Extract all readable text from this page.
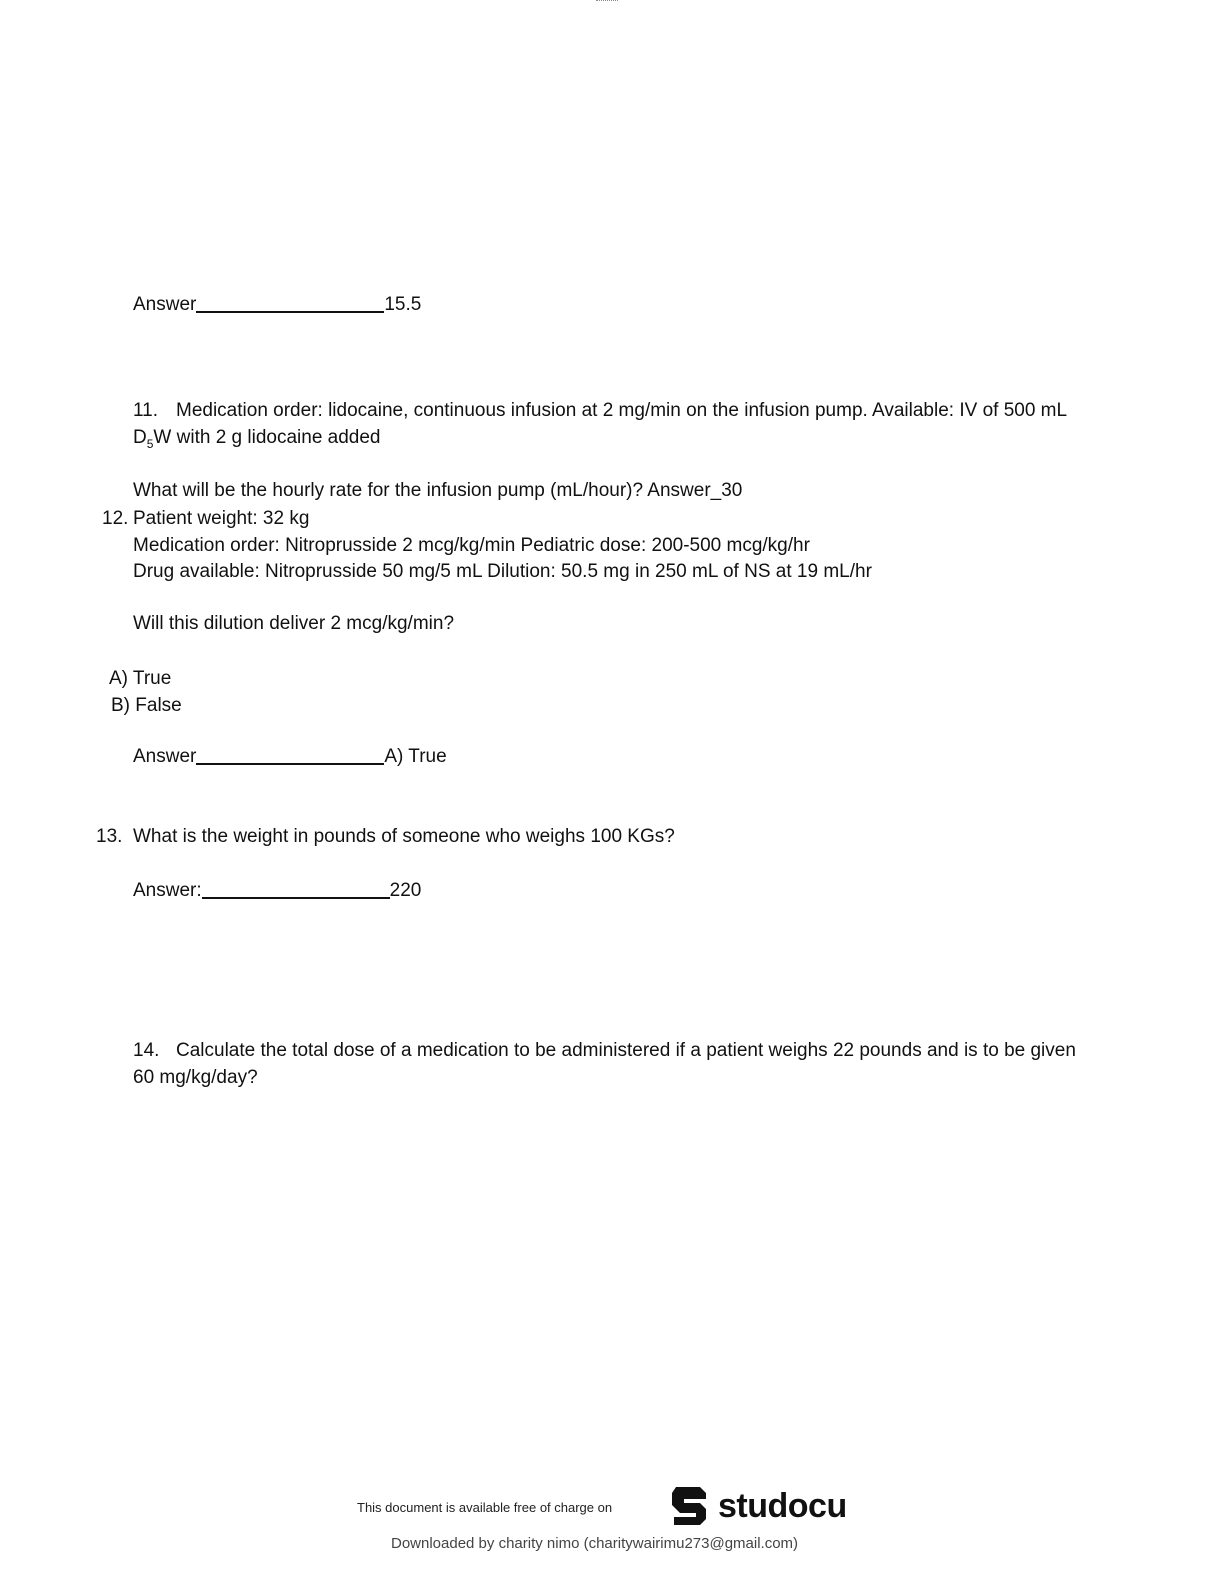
Answer	15.5
11. Medication order: lidocaine, continuous infusion at 2 mg/min on the infusion pump. Available: IV of 500 mL
$D_5W$ with 2 g lidocaine added
What will be the hourly rate for the infusion pump (mL/hour)? Answer_30
12. Patient weight: 32 kg
Medication order: Nitroprusside 2 mcg/kg/min Pediatric dose: 200-500 mcg/kg/hr
Drug available: Nitroprusside 50 mg/5 mL Dilution: 50.5 mg in 250 mL of NS at 19 mL/hr
Will this dilution deliver 2 mcg/kg/min?
A) True
B) False
Answer	A) True
13. What is the weight in pounds of someone who weighs 100 KGs?
Answer:	220
14. Calculate the total dose of a medication to be administered if a patient weighs 22 pounds and is to be given
60 mg/kg/day?
This document is available free of charge on	studocu
Downloaded by charity nimo (charitywairimu273@gmail.com)
